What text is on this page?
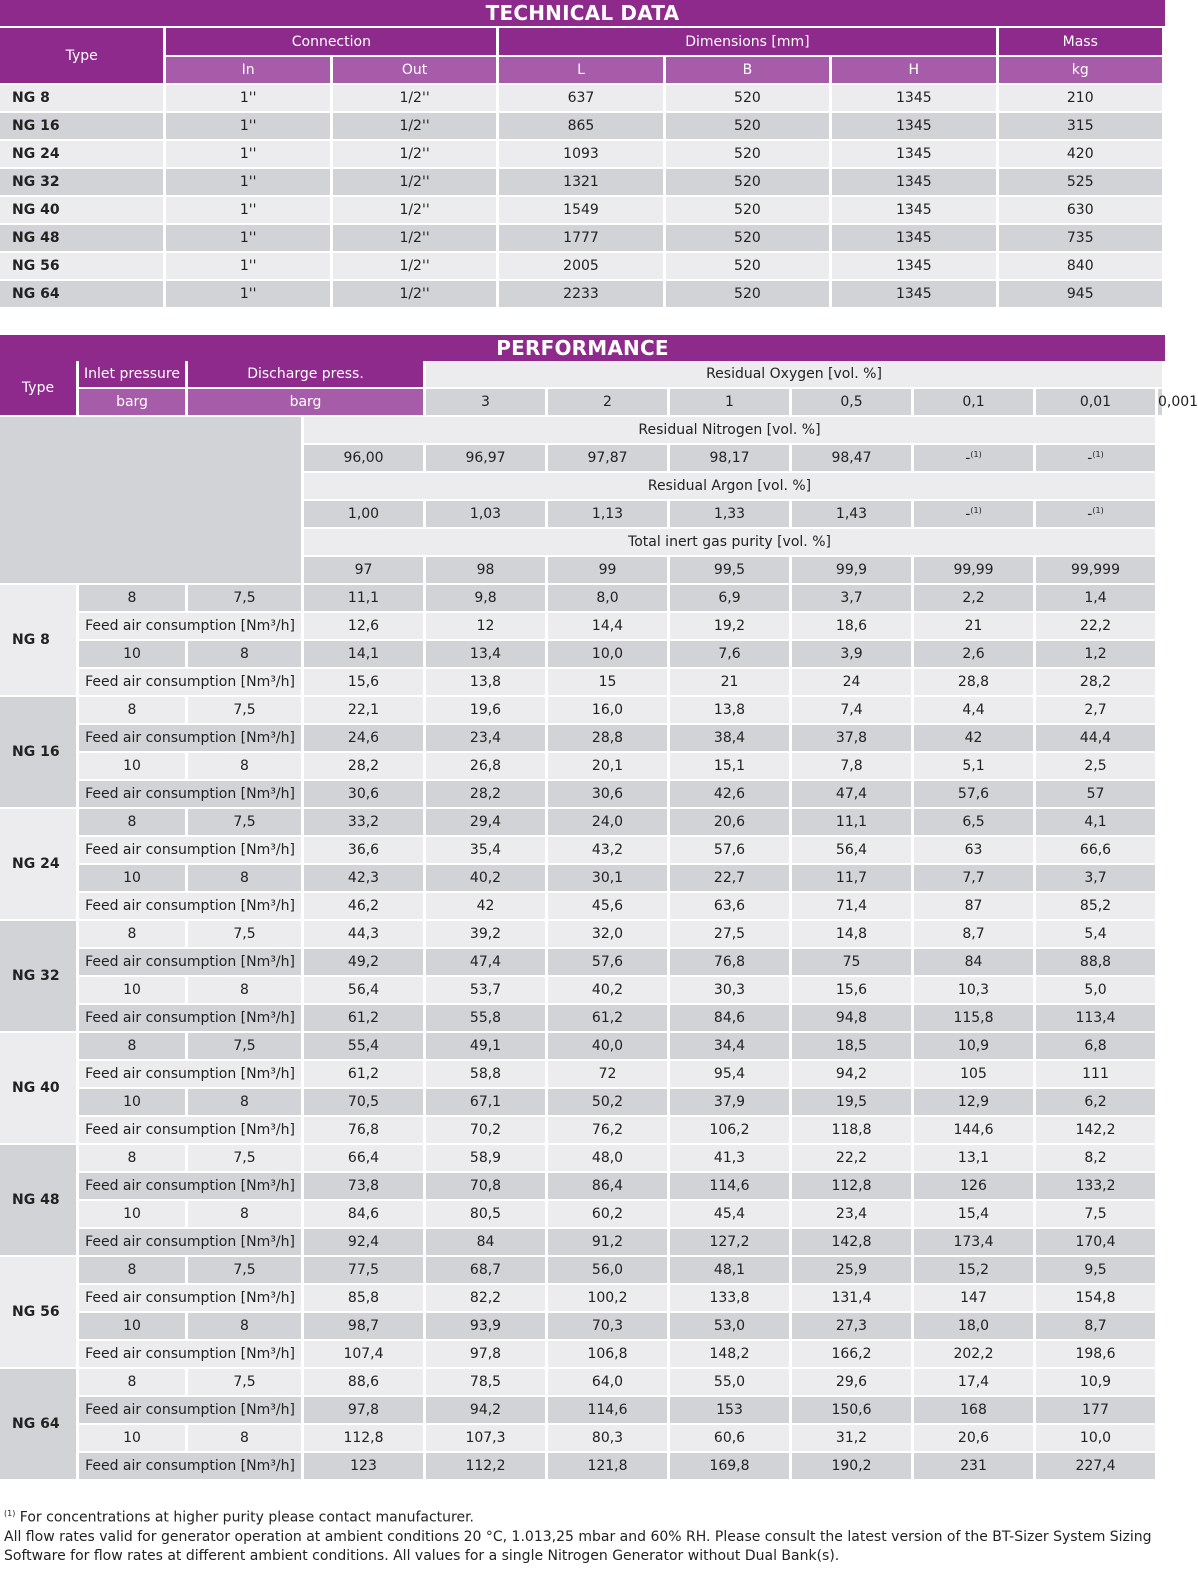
TECHNICAL DATA
Type	Connection		Dimensions [mm]			Mass
	In	Out	L	B	H	kg
NG 8	1''	1/2''	637	520	1345	210
NG 16	1''	1/2''	865	520	1345	315
NG 24	1''	1/2''	1093	520	1345	420
NG 32	1''	1/2''	1321	520	1345	525
NG 40	1''	1/2''	1549	520	1345	630
NG 48	1''	1/2''	1777	520	1345	735
NG 56	1''	1/2''	2005	520	1345	840
NG 64	1''	1/2''	2233	520	1345	945
PERFORMANCE
Type	Inlet pressure	Discharge press.		Residual Oxygen [vol. %]						
	barg	barg		3	2	1	0,5	0,1	0,01	0,001
			Residual Nitrogen [vol. %]							
			96,00	96,97	97,87	98,17	98,47	-$^{(1)}$	-$^{(1)}$
			Residual Argon [vol. %]							
			1,00	1,03	1,13	1,33	1,43	-$^{(1)}$	-$^{(1)}$
			Total inert gas purity [vol. %]							
			97	98	99	99,5	99,9	99,99	99,999	
NG 8	8	7,5	11,1	9,8	8,0	6,9	3,7	2,2	1,4	
	Feed air consumption [Nm³/h]		12,6	12	14,4	19,2	18,6	21	22,2	
	10	8	14,1	13,4	10,0	7,6	3,9	2,6	1,2	
	Feed air consumption [Nm³/h]		15,6	13,8	15	21	24	28,8	28,2	
NG 16	8	7,5	22,1	19,6	16,0	13,8	7,4	4,4	2,7	
	Feed air consumption [Nm³/h]		24,6	23,4	28,8	38,4	37,8	42	44,4	
	10	8	28,2	26,8	20,1	15,1	7,8	5,1	2,5	
	Feed air consumption [Nm³/h]		30,6	28,2	30,6	42,6	47,4	57,6	57	
NG 24	8	7,5	33,2	29,4	24,0	20,6	11,1	6,5	4,1	
	Feed air consumption [Nm³/h]		36,6	35,4	43,2	57,6	56,4	63	66,6	
	10	8	42,3	40,2	30,1	22,7	11,7	7,7	3,7	
	Feed air consumption [Nm³/h]		46,2	42	45,6	63,6	71,4	87	85,2	
NG 32	8	7,5	44,3	39,2	32,0	27,5	14,8	8,7	5,4	
	Feed air consumption [Nm³/h]		49,2	47,4	57,6	76,8	75	84	88,8	
	10	8	56,4	53,7	40,2	30,3	15,6	10,3	5,0	
	Feed air consumption [Nm³/h]		61,2	55,8	61,2	84,6	94,8	115,8	113,4	
NG 40	8	7,5	55,4	49,1	40,0	34,4	18,5	10,9	6,8	
	Feed air consumption [Nm³/h]		61,2	58,8	72	95,4	94,2	105	111	
	10	8	70,5	67,1	50,2	37,9	19,5	12,9	6,2	
	Feed air consumption [Nm³/h]		76,8	70,2	76,2	106,2	118,8	144,6	142,2	
NG 48	8	7,5	66,4	58,9	48,0	41,3	22,2	13,1	8,2	
	Feed air consumption [Nm³/h]		73,8	70,8	86,4	114,6	112,8	126	133,2	
	10	8	84,6	80,5	60,2	45,4	23,4	15,4	7,5	
	Feed air consumption [Nm³/h]		92,4	84	91,2	127,2	142,8	173,4	170,4	
NG 56	8	7,5	77,5	68,7	56,0	48,1	25,9	15,2	9,5	
	Feed air consumption [Nm³/h]		85,8	82,2	100,2	133,8	131,4	147	154,8	
	10	8	98,7	93,9	70,3	53,0	27,3	18,0	8,7	
	Feed air consumption [Nm³/h]		107,4	97,8	106,8	148,2	166,2	202,2	198,6	
NG 64	8	7,5	88,6	78,5	64,0	55,0	29,6	17,4	10,9	
	Feed air consumption [Nm³/h]		97,8	94,2	114,6	153	150,6	168	177	
	10	8	112,8	107,3	80,3	60,6	31,2	20,6	10,0	
	Feed air consumption [Nm³/h]		123	112,2	121,8	169,8	190,2	231	227,4	
$^{(1)}$ For concentrations at higher purity please contact manufacturer.
All flow rates valid for generator operation at ambient conditions 20 °C, 1.013,25 mbar and 60% RH. Please consult the latest version of the BT-Sizer System Sizing Software for flow rates at different ambient conditions. All values for a single Nitrogen Generator without Dual Bank(s).
